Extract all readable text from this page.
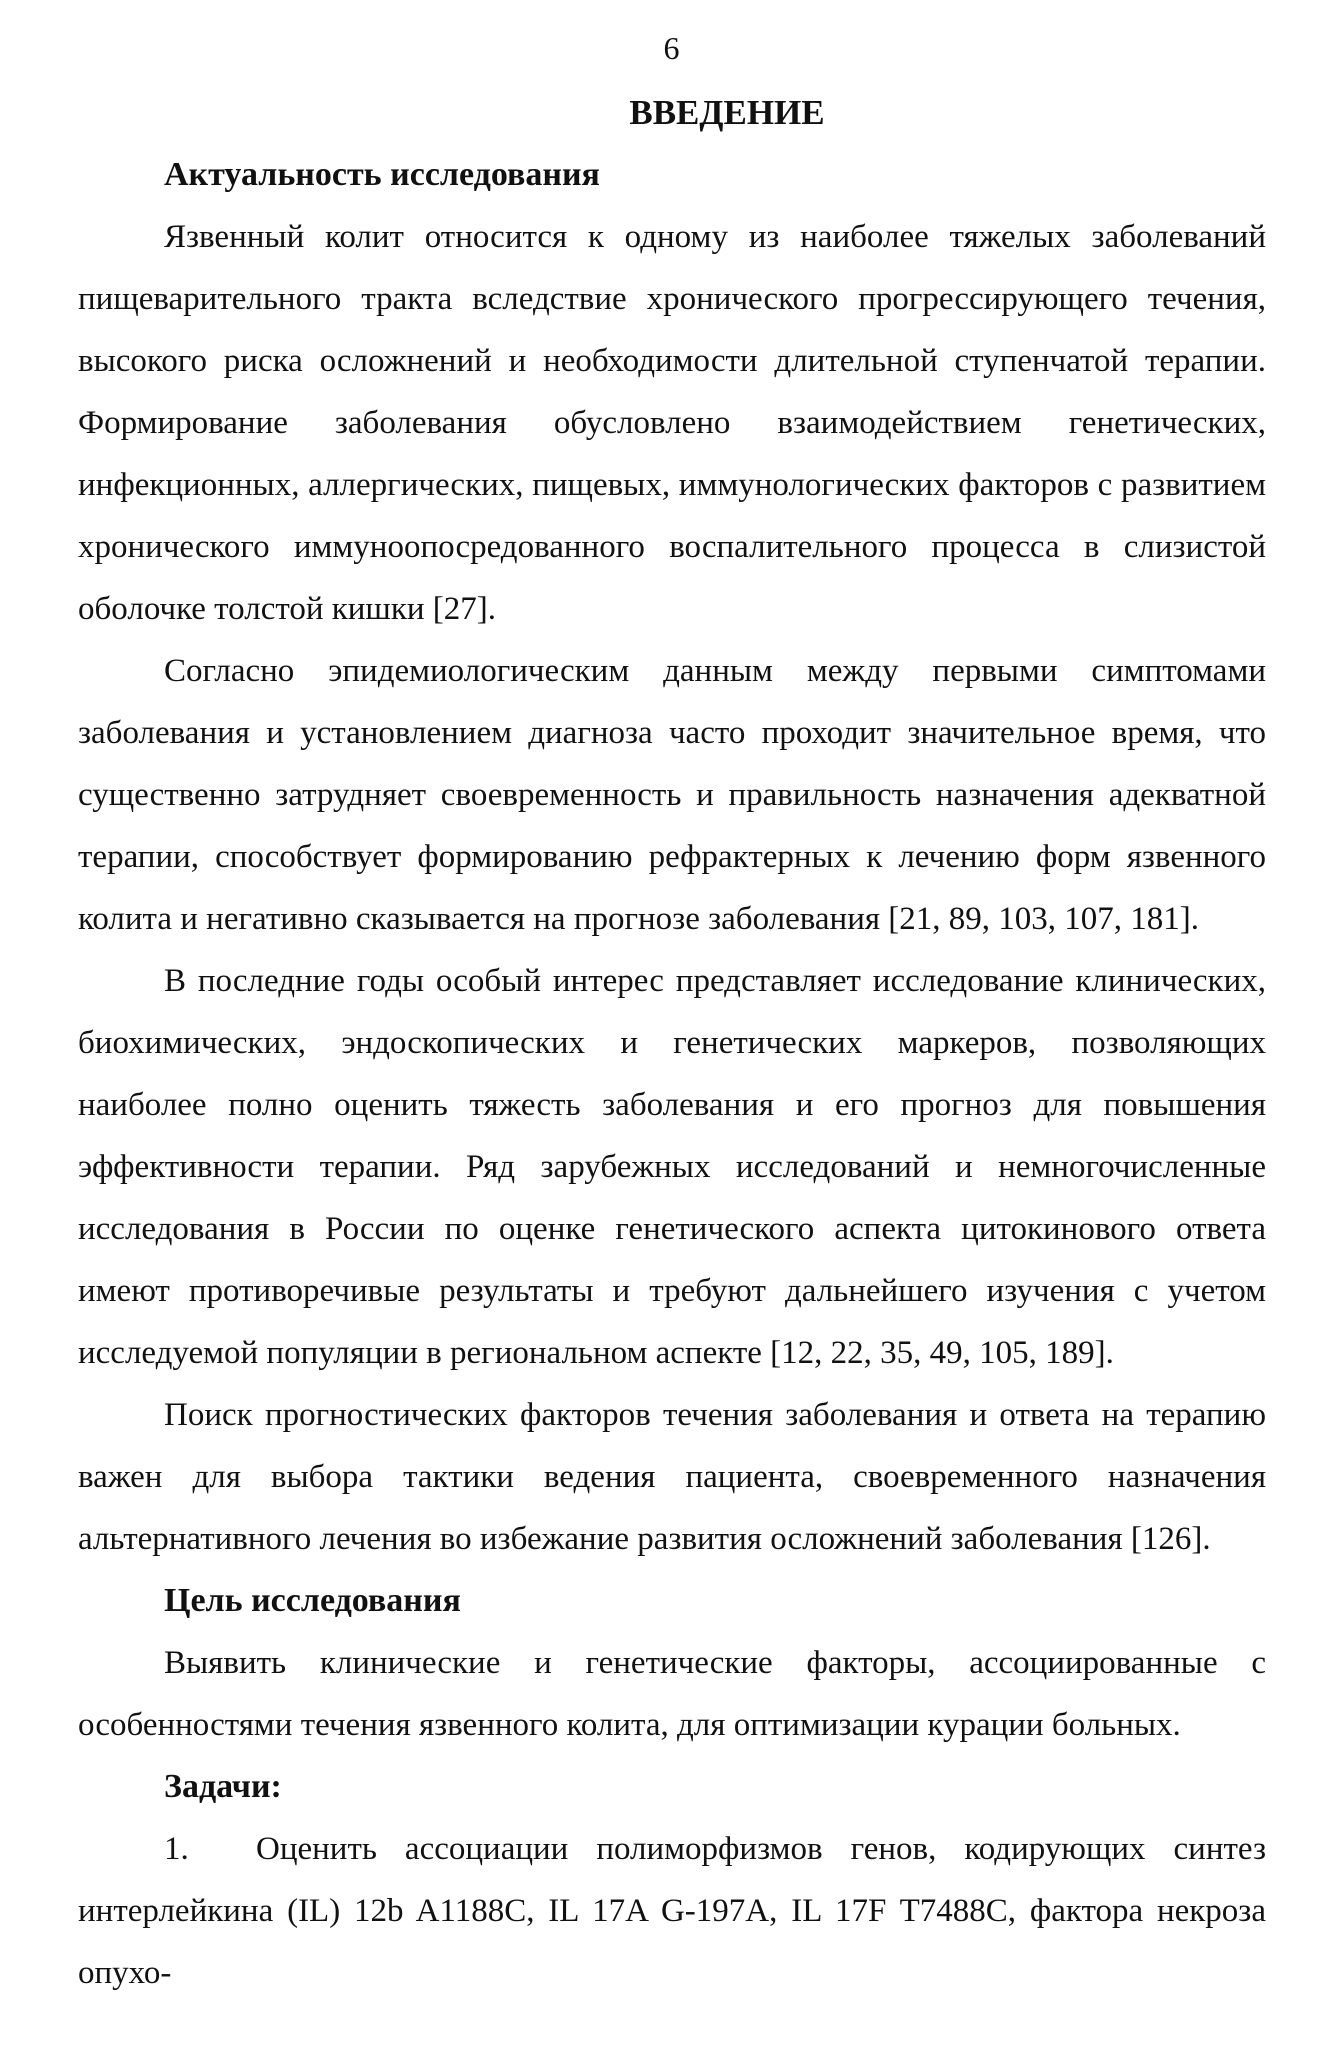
6
ВВЕДЕНИЕ
Актуальность исследования

Язвенный колит относится к одному из наиболее тяжелых заболеваний пищеварительного тракта вследствие хронического прогрессирующего течения, высокого риска осложнений и необходимости длительной ступенчатой терапии. Формирование заболевания обусловлено взаимодействием генетических, инфекционных, аллергических, пищевых, иммунологических факторов с развитием хронического иммуноопосредованного воспалительного процесса в слизистой оболочке толстой кишки [27].

Согласно эпидемиологическим данным между первыми симптомами заболевания и установлением диагноза часто проходит значительное время, что существенно затрудняет своевременность и правильность назначения адекватной терапии, способствует формированию рефрактерных к лечению форм язвенного колита и негативно сказывается на прогнозе заболевания [21, 89, 103, 107, 181].

В последние годы особый интерес представляет исследование клинических, биохимических, эндоскопических и генетических маркеров, позволяющих наиболее полно оценить тяжесть заболевания и его прогноз для повышения эффективности терапии. Ряд зарубежных исследований и немногочисленные исследования в России по оценке генетического аспекта цитокинового ответа имеют противоречивые результаты и требуют дальнейшего изучения с учетом исследуемой популяции в региональном аспекте [12, 22, 35, 49, 105, 189].

Поиск прогностических факторов течения заболевания и ответа на терапию важен для выбора тактики ведения пациента, своевременного назначения альтернативного лечения во избежание развития осложнений заболевания [126].

Цель исследования

Выявить клинические и генетические факторы, ассоциированные с особенностями течения язвенного колита, для оптимизации курации больных.

Задачи:

1. Оценить ассоциации полиморфизмов генов, кодирующих синтез интерлейкина (IL) 12b A1188C, IL 17A G-197A, IL 17F T7488C, фактора некроза опухо-
